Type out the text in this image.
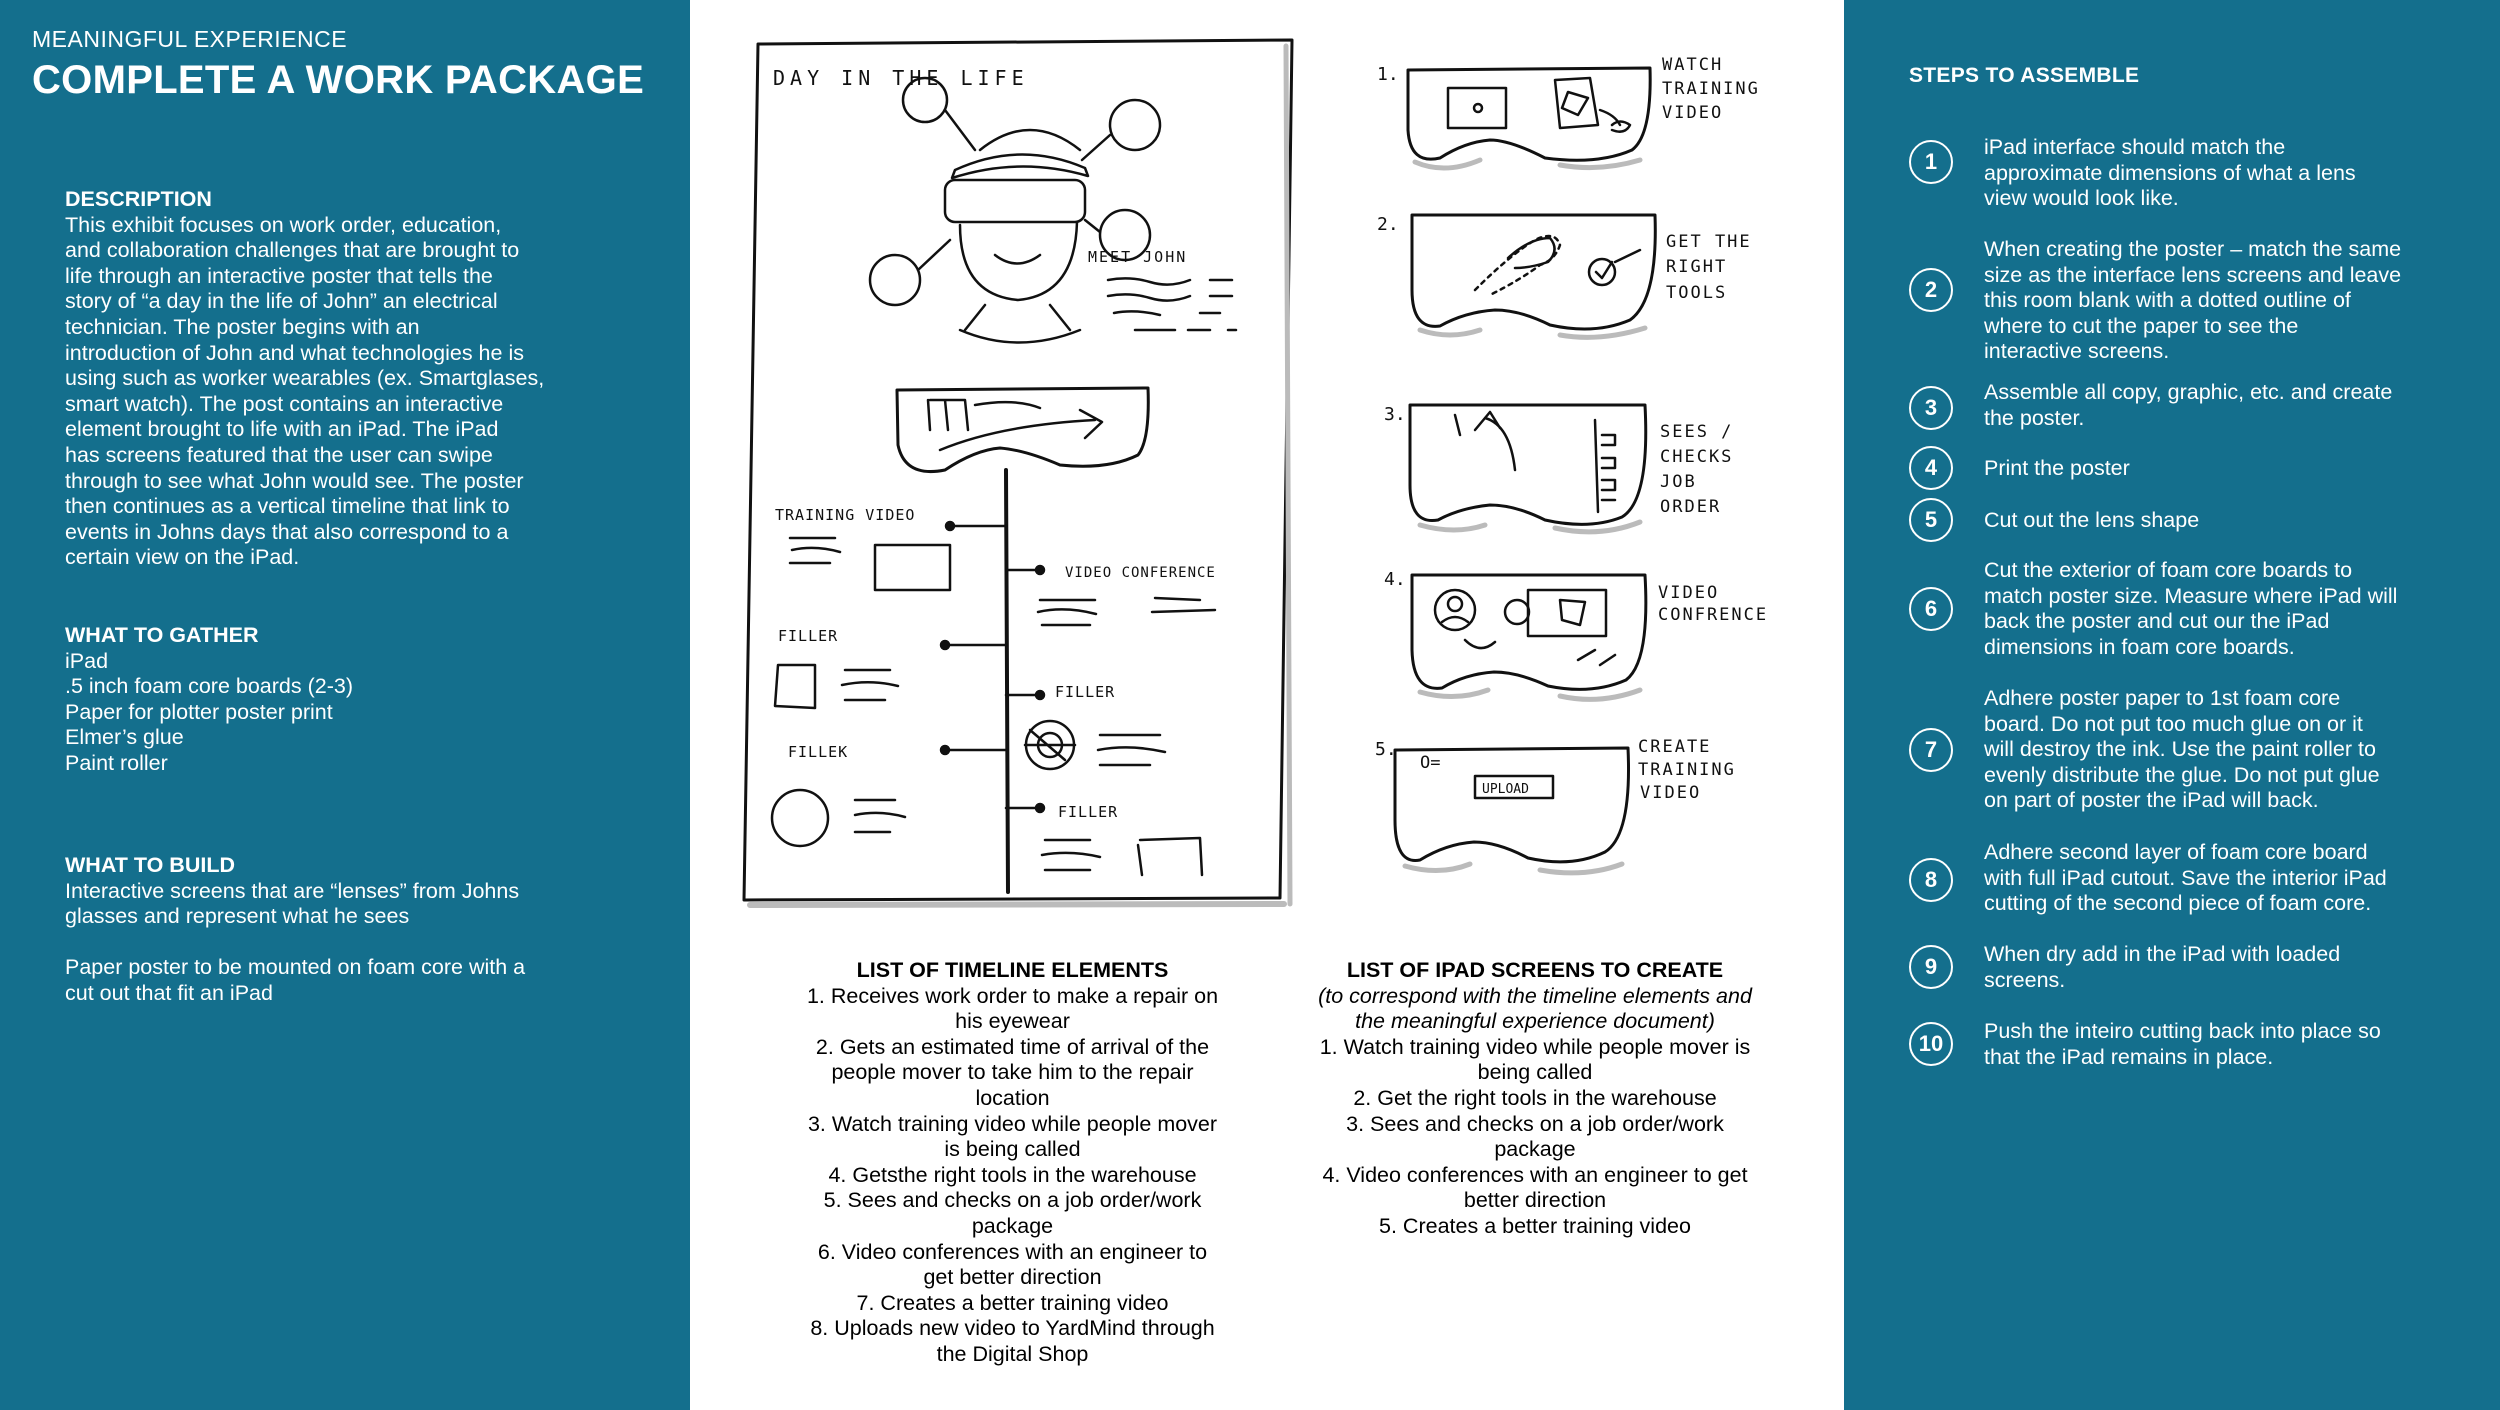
MEANINGFUL EXPERIENCE
COMPLETE A WORK PACKAGE

DESCRIPTION

This exhibit focuses on work order, education,

and collaboration challenges that are brought to

life through an interactive poster that tells the

story of “a day in the life of John” an electrical

technician. The poster begins with an

introduction of John and what technologies he is

using such as worker wearables (ex. Smartglases,

smart watch). The post contains an interactive

element brought to life with an iPad. The iPad

has screens featured that the user can swipe

through to see what John would see. The poster

then continues as a vertical timeline that link to

events in Johns days that also correspond to a

certain view on the iPad.

WHAT TO GATHER

iPad

.5 inch foam core boards (2-3)

Paper for plotter poster print

Elmer’s glue

Paint roller

WHAT TO BUILD

Interactive screens that are “lenses” from Johns

glasses and represent what he sees

Paper poster to be mounted on foam core with a

cut out that fit an iPad

DAY IN THE LIFE
MEET JOHN
TRAINING VIDEO
VIDEO CONFERENCE
FILLER
FILLER
FILLEK
FILLER
1.	WATCH
TRAINING
VIDEO
2.
GET THE
RIGHT
TOOLS
3.
SEES /
CHECKS
JOB
ORDER
4.
VIDEO
CONFRENCE
5.
O=
UPLOAD
CREATE
TRAINING
VIDEO

LIST OF TIMELINE ELEMENTS

1. Receives work order to make a repair on

his eyewear

2. Gets an estimated time of arrival of the

people mover to take him to the repair

location

3. Watch training video while people mover

is being called

4. Getsthe right tools in the warehouse

5. Sees and checks on a job order/work

package

6. Video conferences with an engineer to

get better direction

7. Creates a better training video

8. Uploads new video to YardMind through

the Digital Shop

LIST OF IPAD SCREENS TO CREATE

(to correspond with the timeline elements and

the meaningful experience document)

1. Watch training video while people mover is

being called

2. Get the right tools in the warehouse

3. Sees and checks on a job order/work

package

4. Video conferences with an engineer to get

better direction

5. Creates a better training video

STEPS TO ASSEMBLE
1
iPad interface should match the
approximate dimensions of what a lens
view would look like.
2
When creating the poster – match the same
size as the interface lens screens and leave
this room blank with a dotted outline of
where to cut the paper to see the
interactive screens.
3
Assemble all copy, graphic, etc. and create
the poster.
4	Print the poster
5	Cut out the lens shape
6
Cut the exterior of foam core boards to
match poster size. Measure where iPad will
back the poster and cut our the iPad
dimensions in foam core boards.
7
Adhere poster paper to 1st foam core
board. Do not put too much glue on or it
will destroy the ink. Use the paint roller to
evenly distribute the glue. Do not put glue
on part of poster the iPad will back.
8
Adhere second layer of foam core board
with full iPad cutout. Save the interior iPad
cutting of the second piece of foam core.
9	When dry add in the iPad with loaded
screens.
10	Push the inteiro cutting back into place so
that the iPad remains in place.
